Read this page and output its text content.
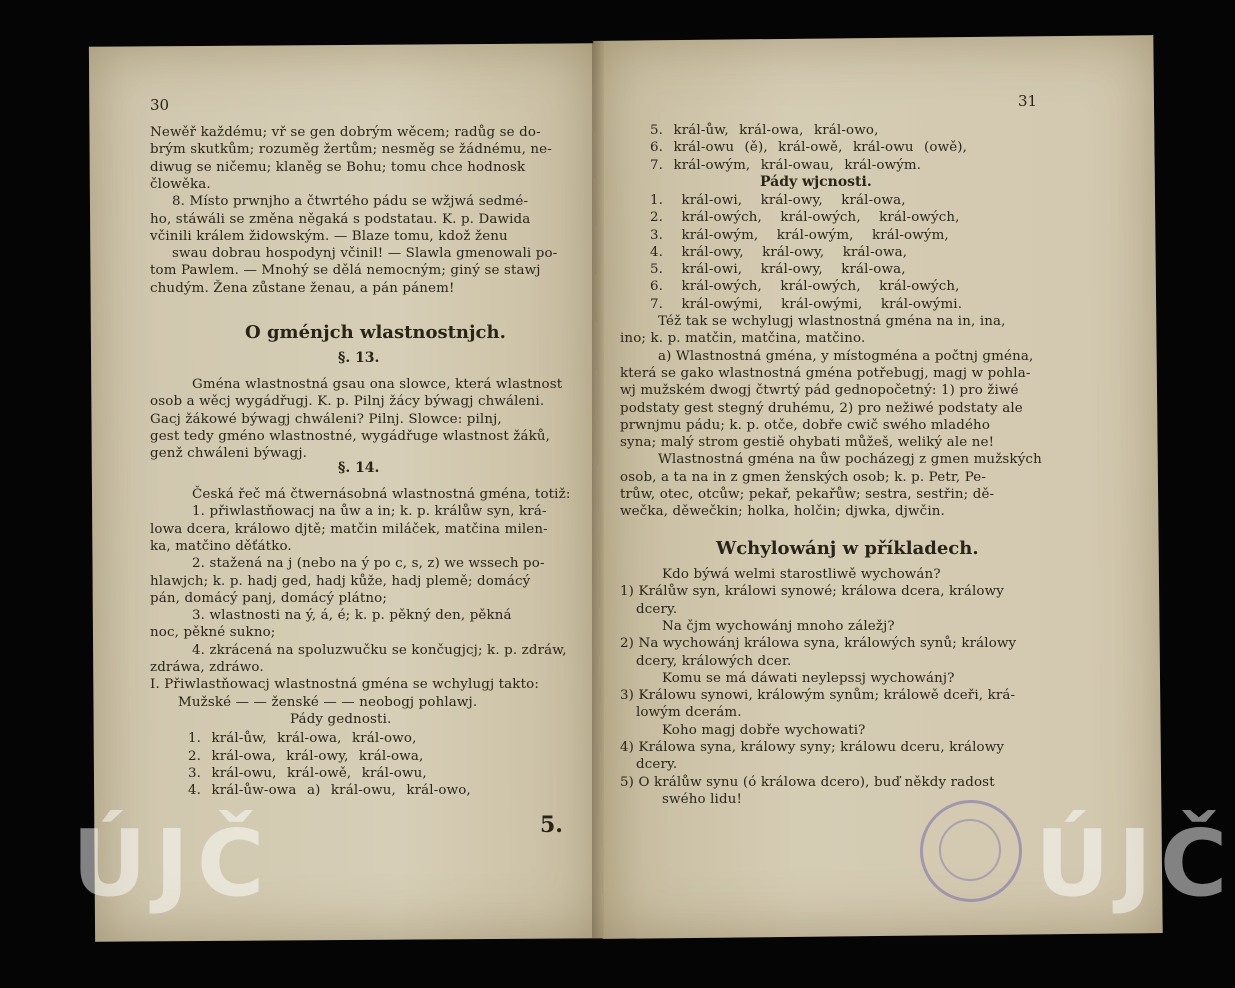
30
Newěř každému; vř se gen dobrým wěcem; radůg se do-
brým skutkům; rozuměg žertům; nesměg se žádnému, ne-
diwug se ničemu; klaněg se Bohu; tomu chce hodnosk
člowěka.
8. Místo prwnjho a čtwrtého pádu se wžjwá sedmé-
ho, stáwáli se změna něgaká s podstatau. K. p. Dawida
včinili králem židowským. — Blaze tomu, kdož ženu
swau dobrau hospodynj včinil! — Slawla gmenowali po-
tom Pawlem. — Mnohý se dělá nemocným; giný se stawj
chudým. Žena zůstane ženau, a pán pánem!
O gménjch wlastnostnjch.
§. 13.
Gména wlastnostná gsau ona slowce, která wlastnost
osob a wěcj wygádřugj. K. p. Pilnj žácy býwagj chwáleni.
Gacj žákowé býwagj chwáleni? Pilnj. Slowce: pilnj,
gest tedy gméno wlastnostné, wygádřuge wlastnost žáků,
genž chwáleni býwagj.
§. 14.
Česká řeč má čtwernásobná wlastnostná gména, totiž:
1. přiwlastňowacj na ůw a in; k. p. králůw syn, krá-
lowa dcera, králowo djtě; matčin miláček, matčina milen-
ka, matčino děťátko.
2. stažená na j (nebo na ý po c, s, z) we wssech po-
hlawjch; k. p. hadj ged, hadj kůže, hadj plemě; domácý
pán, domácý panj, domácý plátno;
3. wlastnosti na ý, á, é; k. p. pěkný den, pěkná
noc, pěkné sukno;
4. zkrácená na spoluzwučku se končugjcj; k. p. zdráw,
zdráwa, zdráwo.
I. Přiwlastňowacj wlastnostná gména se wchylugj takto:
Mužské — — ženské — — neobogj pohlawj.
Pády gednosti.
1. král-ůw, král-owa, král-owo,
2. král-owa, král-owy, král-owa,
3. král-owu, král-owě, král-owu,
4. král-ůw-owa a) král-owu, král-owo,
5.
31
5. král-ůw, král-owa, král-owo,
6. král-owu (ě), král-owě, král-owu (owě),
7. král-owým, král-owau, král-owým.
Pády wjcnosti.
1. král-owi, král-owy, král-owa,
2. král-owých, král-owých, král-owých,
3. král-owým, král-owým, král-owým,
4. král-owy, král-owy, král-owa,
5. král-owi, král-owy, král-owa,
6. král-owých, král-owých, král-owých,
7. král-owými, král-owými, král-owými.
Též tak se wchylugj wlastnostná gména na in, ina,
ino; k. p. matčin, matčina, matčino.
a) Wlastnostná gména, y místogména a počtnj gména,
která se gako wlastnostná gména potřebugj, magj w pohla-
wj mužském dwogj čtwrtý pád gednopočetný: 1) pro žiwé
podstaty gest stegný druhému, 2) pro nežiwé podstaty ale
prwnjmu pádu; k. p. otče, dobře cwič swého mladého
syna; malý strom gestiě ohybati můžeš, weliký ale ne!
Wlastnostná gména na ůw pocházegj z gmen mužských
osob, a ta na in z gmen ženských osob; k. p. Petr, Pe-
trůw, otec, otcůw; pekař, pekařůw; sestra, sestřin; dě-
wečka, děwečkin; holka, holčin; djwka, djwčin.
Wchylowánj w příkladech.
Kdo býwá welmi starostliwě wychowán?
1) Králůw syn, králowi synowé; králowa dcera, králowy
dcery.
Na čjm wychowánj mnoho záležj?
2) Na wychowánj králowa syna, králowých synů; králowy
dcery, králowých dcer.
Komu se má dáwati neylepssj wychowánj?
3) Králowu synowi, králowým synům; králowě dceři, krá-
lowým dcerám.
Koho magj dobře wychowati?
4) Králowa syna, králowy syny; králowu dceru, králowy
dcery.
5) O králůw synu (ó králowa dcero), buď někdy radost
swého lidu!
ÚJČ	ÚJČ
